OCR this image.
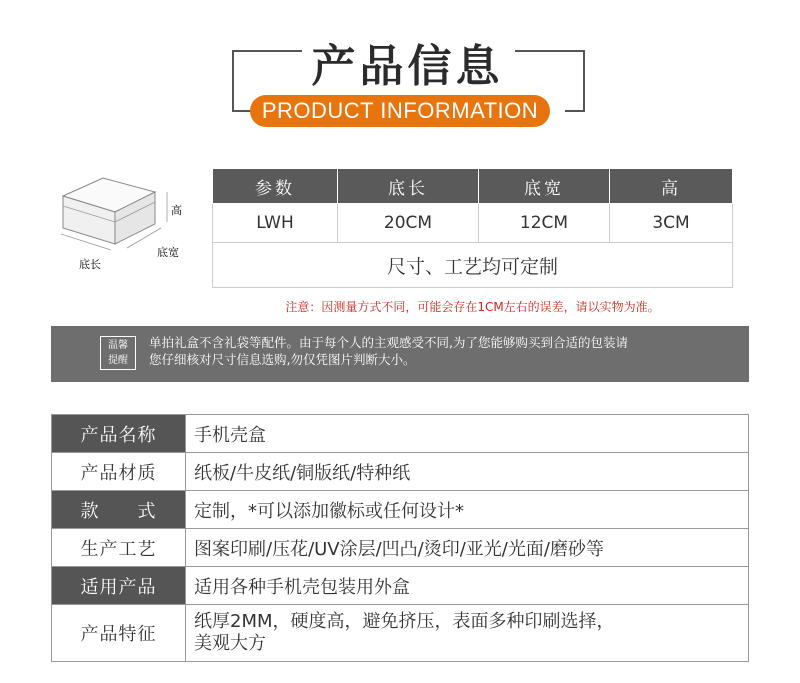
产品信息
PRODUCT INFORMATION
高
底宽
底长
参数	底长	底宽	高
LWH	20CM	12CM	3CM
尺寸、工艺均可定制			
注意：因测量方式不同，可能会存在1CM左右的误差，请以实物为准。
温馨
提醒
单拍礼盒不含礼袋等配件。由于每个人的主观感受不同,为了您能够购买到合适的包装请
您仔细核对尺寸信息选购,勿仅凭图片判断大小。
产品名称	手机壳盒
产品材质	纸板/牛皮纸/铜版纸/特种纸
款　　式	定制，*可以添加徽标或任何设计*
生产工艺	图案印刷/压花/UV涂层/凹凸/烫印/亚光/光面/磨砂等
适用产品	适用各种手机壳包装用外盒
产品特征	纸厚2MM，硬度高，避免挤压，表面多种印刷选择，
美观大方
